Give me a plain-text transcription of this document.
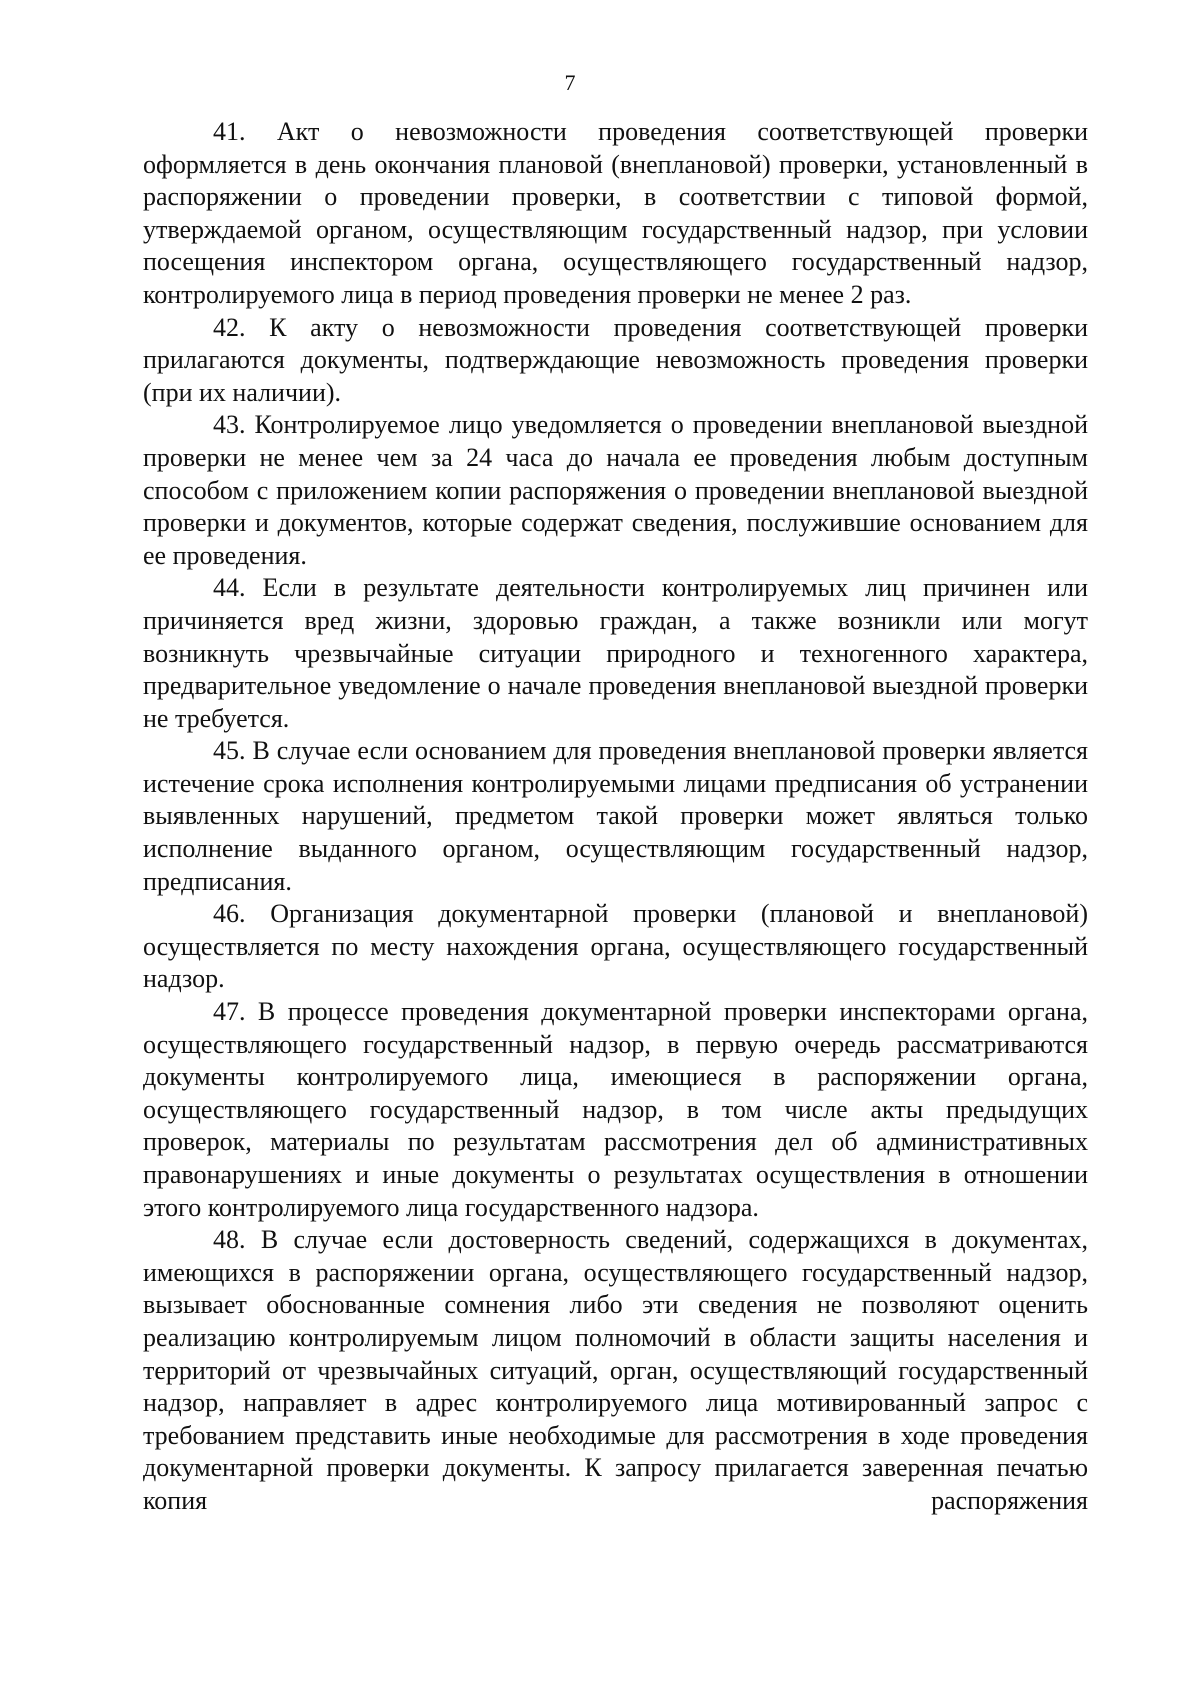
7

41. Акт о невозможности проведения соответствующей проверки оформляется в день окончания плановой (внеплановой) проверки, установленный в распоряжении о проведении проверки, в соответствии с типовой формой, утверждаемой органом, осуществляющим государственный надзор, при условии посещения инспектором органа, осуществляющего государственный надзор, контролируемого лица в период проведения проверки не менее 2 раз.

42. К акту о невозможности проведения соответствующей проверки прилагаются документы, подтверждающие невозможность проведения проверки (при их наличии).

43. Контролируемое лицо уведомляется о проведении внеплановой выездной проверки не менее чем за 24 часа до начала ее проведения любым доступным способом с приложением копии распоряжения о проведении внеплановой выездной проверки и документов, которые содержат сведения, послужившие основанием для ее проведения.

44. Если в результате деятельности контролируемых лиц причинен или причиняется вред жизни, здоровью граждан, а также возникли или могут возникнуть чрезвычайные ситуации природного и техногенного характера, предварительное уведомление о начале проведения внеплановой выездной проверки не требуется.

45. В случае если основанием для проведения внеплановой проверки является истечение срока исполнения контролируемыми лицами предписания об устранении выявленных нарушений, предметом такой проверки может являться только исполнение выданного органом, осуществляющим государственный надзор, предписания.

46. Организация документарной проверки (плановой и внеплановой) осуществляется по месту нахождения органа, осуществляющего государственный надзор.

47. В процессе проведения документарной проверки инспекторами органа, осуществляющего государственный надзор, в первую очередь рассматриваются документы контролируемого лица, имеющиеся в распоряжении органа, осуществляющего государственный надзор, в том числе акты предыдущих проверок, материалы по результатам рассмотрения дел об административных правонарушениях и иные документы о результатах осуществления в отношении этого контролируемого лица государственного надзора.

48. В случае если достоверность сведений, содержащихся в документах, имеющихся в распоряжении органа, осуществляющего государственный надзор, вызывает обоснованные сомнения либо эти сведения не позволяют оценить реализацию контролируемым лицом полномочий в области защиты населения и территорий от чрезвычайных ситуаций, орган, осуществляющий государственный надзор, направляет в адрес контролируемого лица мотивированный запрос с требованием представить иные необходимые для рассмотрения в ходе проведения документарной проверки документы. К запросу прилагается заверенная печатью копия распоряжения
